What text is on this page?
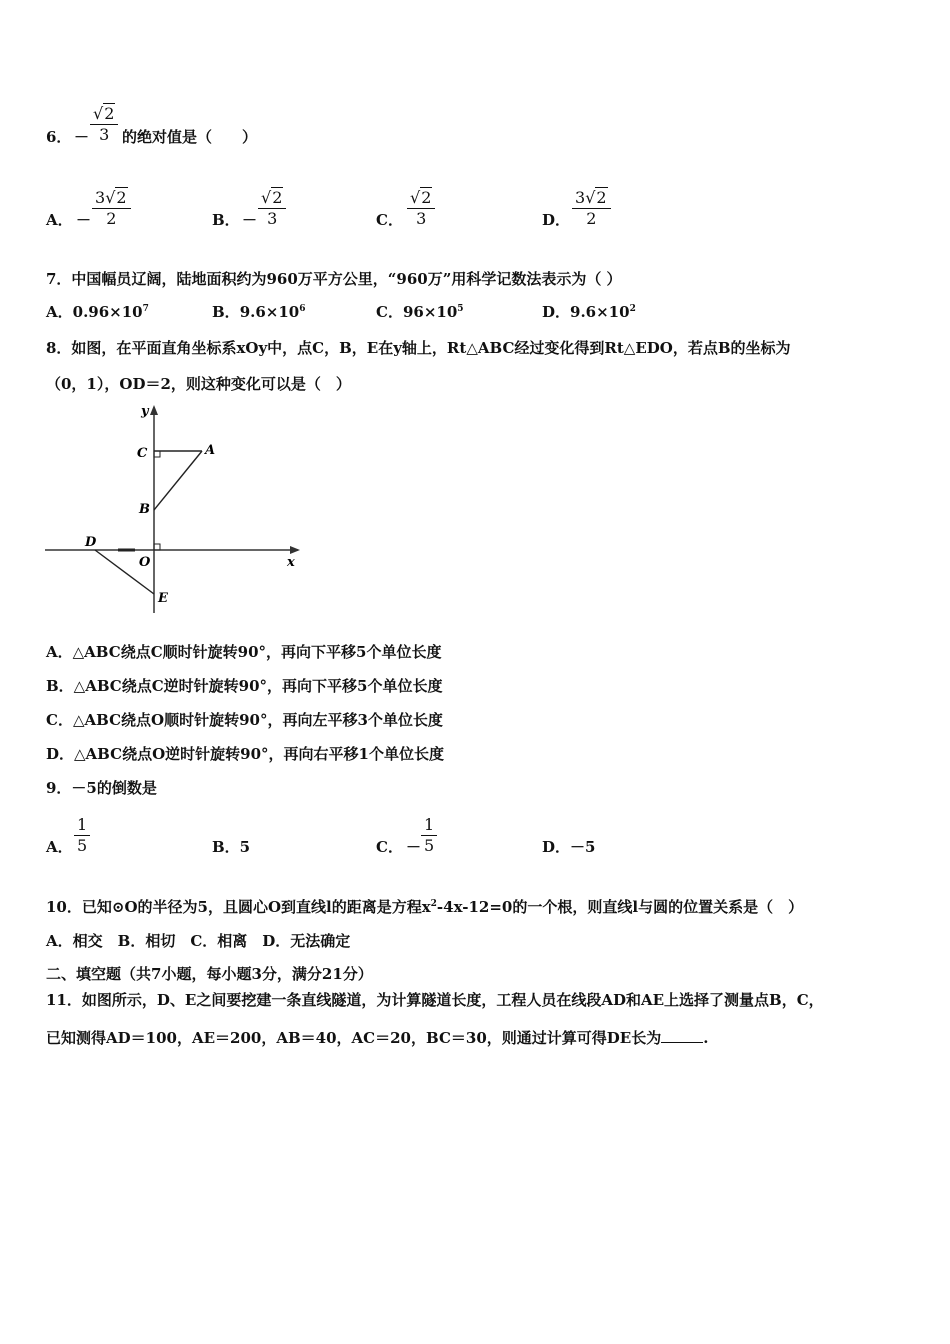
6． － $\frac{√2}{3}$ 的绝对值是（　　）
A． － $\frac{3√2}{2}$	B． － $\frac{√2}{3}$	C． $\frac{√2}{3}$	D． $\frac{3√2}{2}$
7．中国幅员辽阔，陆地面积约为960万平方公里，“960万”用科学记数法表示为（ ）
A．$0.96\times 10^7$	B．$9.6\times 10^6$	C．$96\times 10^5$	D．$9.6\times 10^2$
8．如图，在平面直角坐标系xOy中，点C，B，E在y轴上，Rt△ABC经过变化得到Rt△EDO，若点B的坐标为
（0，1），OD＝2，则这种变化可以是（　）
y
x
C	A
B
D
O
E
A．△ABC绕点C顺时针旋转90°，再向下平移5个单位长度
B．△ABC绕点C逆时针旋转90°，再向下平移5个单位长度
C．△ABC绕点O顺时针旋转90°，再向左平移3个单位长度
D．△ABC绕点O逆时针旋转90°，再向右平移1个单位长度
9．－5的倒数是
A． $\frac{1}{5}$	B．5	C． － $\frac{1}{5}$	D．－5
10．已知⊙O的半径为5，且圆心O到直线l的距离是方程$x^2-4x-12=0$的一个根，则直线l与圆的位置关系是（　）
A．相交　B．相切　C．相离　D．无法确定
二、填空题（共7小题，每小题3分，满分21分）
11．如图所示，D、E之间要挖建一条直线隧道，为计算隧道长度，工程人员在线段AD和AE上选择了测量点B，C，
已知测得AD＝100，AE＝200，AB＝40，AC＝20，BC＝30，则通过计算可得DE长为	.
